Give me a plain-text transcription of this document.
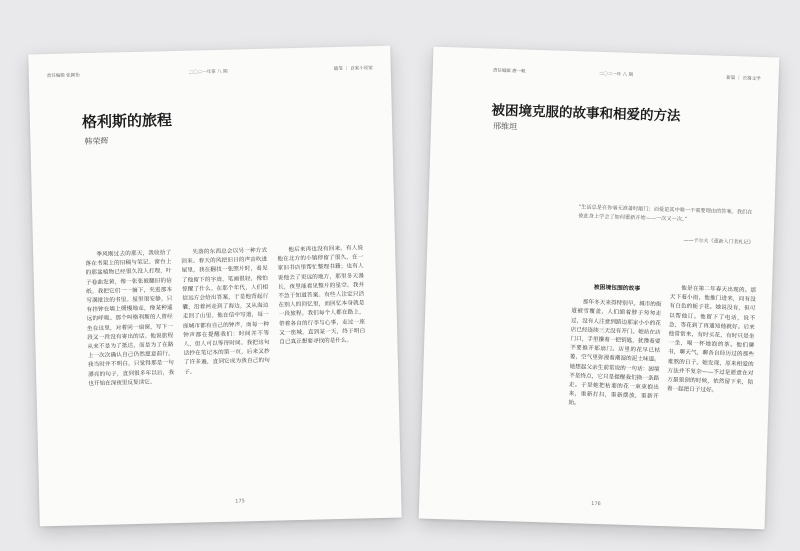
责任编辑 张颖怡
二〇二一年第 八 期
随笔 ｜ 百家小说馆
格利斯的旅程
韩荣辉

季风刚过去的那天，我收拾了落在书架上的旧稿与笔记。窗台上的那盆植物已经很久没人打理，叶子卷曲发黄，像一张张被翻旧的信纸。我把它们一一摘下，夹进那本写满批注的书里。屋里很安静，只有挂钟在墙上缓慢地走，像某种遥远的呼吸。那个叫格利斯的人曾经坐在这里，对着同一扇窗，写下一段又一段没有寄出的话。他说旅程从来不是为了抵达，而是为了在路上一次次确认自己仍然愿意前行。我当时并不明白，只觉得那是一句漂亮的句子，直到很多年以后，我也开始在深夜里反复读它。

失落的东西总会以另一种方式回来。春天的风把旧日的声音吹进屋里，我在翻找一张照片时，看见了他留下的字迹，笔画很轻，像怕惊醒了什么。在那个年代，人们相信远方会给出答案，于是他背起行囊，沿着河走到了海边，又从海边走回了山里。他在信中写道，每一座城市都有自己的钟声，而每一种钟声都在提醒我们：时间并不等人，但人可以等待时间。我把这句话抄在笔记本的第一页，后来又抄了许多遍，直到它成为我自己的句子。

他后来再也没有回来。有人说他在北方的小镇停留了很久，在一家旧书店里帮忙整理书籍；也有人说他去了更远的地方，那里冬天漫长，夜里能看见整片的星空。我并不急于知道答案。有些人注定只活在别人的回忆里，而回忆本身就是一段旅程。我们每个人都在路上，带着各自的行李与心事，走过一座又一座城，直到某一天，终于明白自己真正想要寻找的是什么。

175
责任编辑 唐一帆
二〇二一年 八 期
新篇 ｜ 长篇文学
被困境克服的故事和相爱的方法
邢维坦
“生活总是在你毫无准备时敲门；而爱是其中唯一不需要理由的答案。我们在彼此身上学会了如何重新开始——一次又一次。”
——卡尔夫《重新入门者札记》
被困境包围的故事

那年冬天来得特别早。城市的街道被雪覆盖，人们缩着脖子匆匆走过，没有人注意到路边那家小小的花店已经连续三天没有开门。她站在店门口，手里攥着一把钥匙，犹豫着要不要推开那扇门。店里的花早已枯萎，空气里弥漫着潮湿的泥土味道。她想起父亲生前常说的一句话：困境不是终点，它只是提醒我们换一条路走。于是她把枯萎的花一束束抱出来，重新打扫，重新摆放，重新开始。

他是在第二年春天出现的。那天下着小雨，他推门进来，问有没有白色的栀子花。她说没有，但可以帮他订。他留下了电话，说不急，等花到了再通知他就好。后来他常常来，有时买花，有时只是坐一坐，喝一杯她泡的茶。他们聊书，聊天气，聊各自经历过的那些难熬的日子。她发现，原来相爱的方法并不复杂——不过是愿意在对方最狼狈的时候，依然留下来，陪着一起把日子过好。

176
